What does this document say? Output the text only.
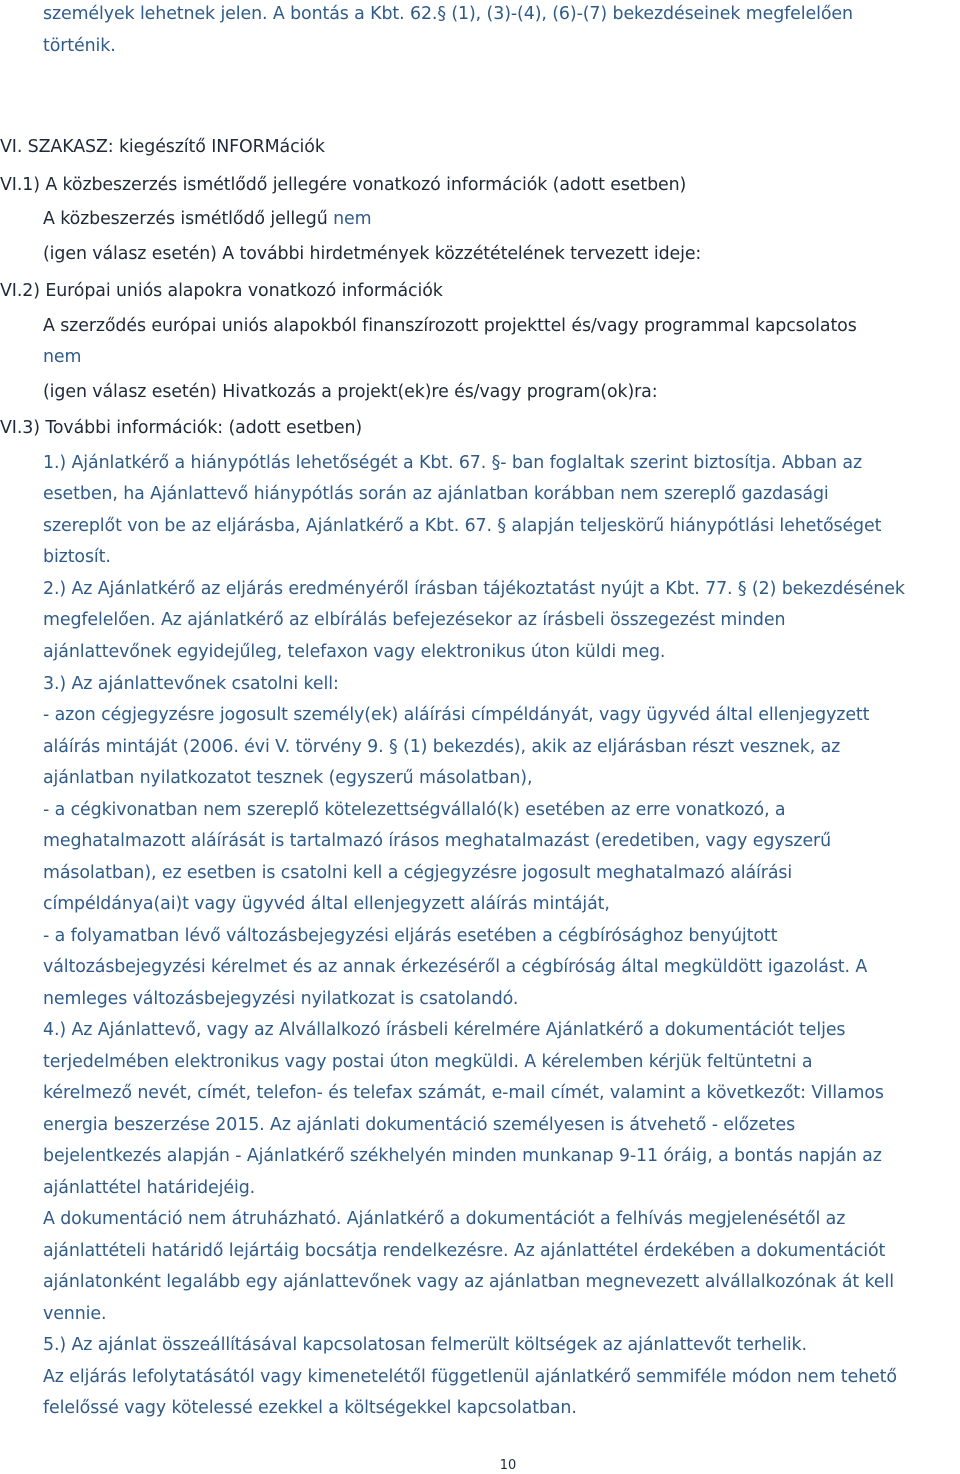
személyek lehetnek jelen. A bontás a Kbt. 62.§ (1), (3)-(4), (6)-(7) bekezdéseinek megfelelően
történik.
VI. SZAKASZ: kiegészítő INFORMációk
VI.1) A közbeszerzés ismétlődő jellegére vonatkozó információk (adott esetben)
A közbeszerzés ismétlődő jellegű nem
(igen válasz esetén) A további hirdetmények közzétételének tervezett ideje:
VI.2) Európai uniós alapokra vonatkozó információk
A szerződés európai uniós alapokból finanszírozott projekttel és/vagy programmal kapcsolatos
nem
(igen válasz esetén) Hivatkozás a projekt(ek)re és/vagy program(ok)ra:
VI.3) További információk: (adott esetben)
1.) Ajánlatkérő a hiánypótlás lehetőségét a Kbt. 67. §- ban foglaltak szerint biztosítja. Abban az
esetben, ha Ajánlattevő hiánypótlás során az ajánlatban korábban nem szereplő gazdasági
szereplőt von be az eljárásba, Ajánlatkérő a Kbt. 67. § alapján teljeskörű hiánypótlási lehetőséget
biztosít.
2.) Az Ajánlatkérő az eljárás eredményéről írásban tájékoztatást nyújt a Kbt. 77. § (2) bekezdésének
megfelelően. Az ajánlatkérő az elbírálás befejezésekor az írásbeli összegezést minden
ajánlattevőnek egyidejűleg, telefaxon vagy elektronikus úton küldi meg.
3.) Az ajánlattevőnek csatolni kell:
- azon cégjegyzésre jogosult személy(ek) aláírási címpéldányát, vagy ügyvéd által ellenjegyzett
aláírás mintáját (2006. évi V. törvény 9. § (1) bekezdés), akik az eljárásban részt vesznek, az
ajánlatban nyilatkozatot tesznek (egyszerű másolatban),
- a cégkivonatban nem szereplő kötelezettségvállaló(k) esetében az erre vonatkozó, a
meghatalmazott aláírását is tartalmazó írásos meghatalmazást (eredetiben, vagy egyszerű
másolatban), ez esetben is csatolni kell a cégjegyzésre jogosult meghatalmazó aláírási
címpéldánya(ai)t vagy ügyvéd által ellenjegyzett aláírás mintáját,
- a folyamatban lévő változásbejegyzési eljárás esetében a cégbírósághoz benyújtott
változásbejegyzési kérelmet és az annak érkezéséről a cégbíróság által megküldött igazolást. A
nemleges változásbejegyzési nyilatkozat is csatolandó.
4.) Az Ajánlattevő, vagy az Alvállalkozó írásbeli kérelmére Ajánlatkérő a dokumentációt teljes
terjedelmében elektronikus vagy postai úton megküldi. A kérelemben kérjük feltüntetni a
kérelmező nevét, címét, telefon- és telefax számát, e-mail címét, valamint a következőt: Villamos
energia beszerzése 2015. Az ajánlati dokumentáció személyesen is átvehető - előzetes
bejelentkezés alapján - Ajánlatkérő székhelyén minden munkanap 9-11 óráig, a bontás napján az
ajánlattétel határidejéig.
A dokumentáció nem átruházható. Ajánlatkérő a dokumentációt a felhívás megjelenésétől az
ajánlattételi határidő lejártáig bocsátja rendelkezésre. Az ajánlattétel érdekében a dokumentációt
ajánlatonként legalább egy ajánlattevőnek vagy az ajánlatban megnevezett alvállalkozónak át kell
vennie.
5.) Az ajánlat összeállításával kapcsolatosan felmerült költségek az ajánlattevőt terhelik.
Az eljárás lefolytatásától vagy kimenetelétől függetlenül ajánlatkérő semmiféle módon nem tehető
felelőssé vagy kötelessé ezekkel a költségekkel kapcsolatban.
10
